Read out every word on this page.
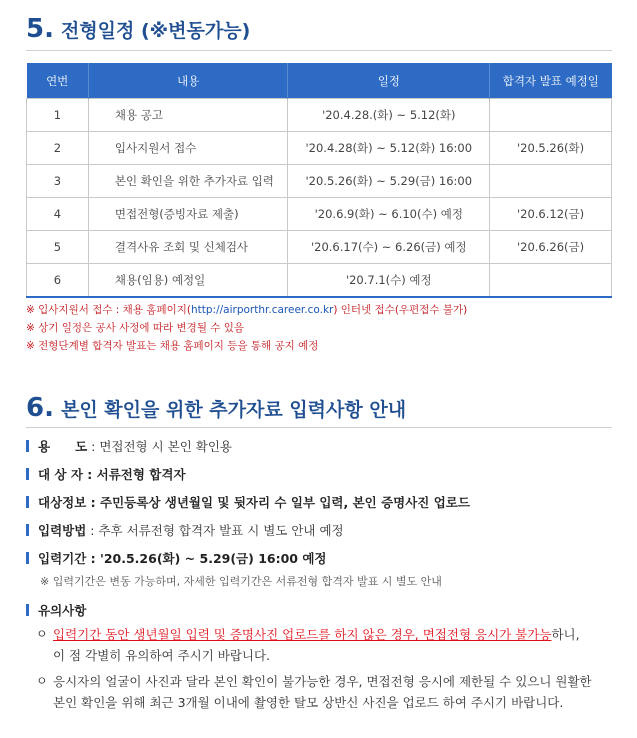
5. 전형일정 (※변동가능)
연번	내용	일정	합격자 발표 예정일
1	채용 공고	'20.4.28.(화) ~ 5.12(화)	
2	입사지원서 접수	'20.4.28(화) ~ 5.12(화) 16:00	'20.5.26(화)
3	본인 확인을 위한 추가자료 입력	'20.5.26(화) ~ 5.29(금) 16:00	
4	면접전형(증빙자료 제출)	'20.6.9(화) ~ 6.10(수) 예정	'20.6.12(금)
5	결격사유 조회 및 신체검사	'20.6.17(수) ~ 6.26(금) 예정	'20.6.26(금)
6	채용(임용) 예정일	'20.7.1(수) 예정	
※ 입사지원서 접수 : 채용 홈페이지(http://airporthr.career.co.kr) 인터넷 접수(우편접수 불가)
※ 상기 일정은 공사 사정에 따라 변경될 수 있음
※ 전형단계별 합격자 발표는 채용 홈페이지 등을 통해 공지 예정
6. 본인 확인을 위한 추가자료 입력사항 안내
용　　도 : 면접전형 시 본인 확인용
대 상 자 : 서류전형 합격자
대상정보 : 주민등록상 생년월일 및 뒷자리 수 일부 입력, 본인 증명사진 업로드
입력방법 : 추후 서류전형 합격자 발표 시 별도 안내 예정
입력기간 : '20.5.26(화) ~ 5.29(금) 16:00 예정
※ 입력기간은 변동 가능하며, 자세한 입력기간은 서류전형 합격자 발표 시 별도 안내
유의사항
ㅇ 입력기간 동안 생년월일 입력 및 증명사진 업로드를 하지 않은 경우, 면접전형 응시가 불가능하니,
이 점 각별히 유의하여 주시기 바랍니다.
ㅇ 응시자의 얼굴이 사진과 달라 본인 확인이 불가능한 경우, 면접전형 응시에 제한될 수 있으니 원활한
본인 확인을 위해 최근 3개월 이내에 촬영한 탈모 상반신 사진을 업로드 하여 주시기 바랍니다.
